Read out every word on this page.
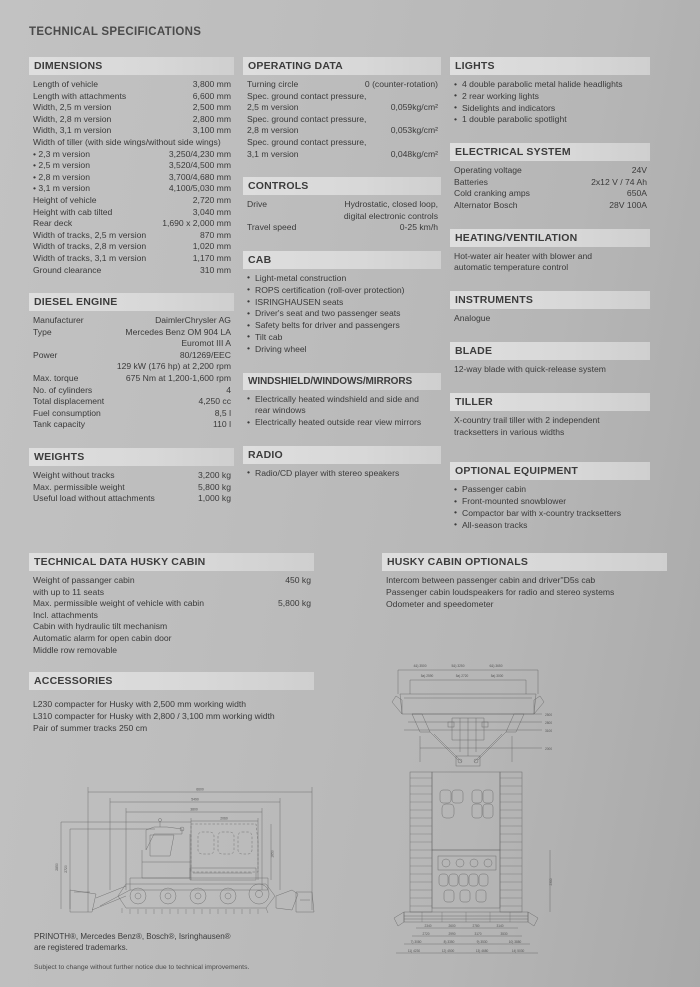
TECHNICAL SPECIFICATIONS
DIMENSIONS
Length of vehicle	3,800 mm
Length with attachments	6,600 mm
Width, 2,5 m version	2,500 mm
Width, 2,8 m version	2,800 mm
Width, 3,1 m version	3,100 mm
Width of tiller (with side wings/without side wings)
• 2,3 m version	3,250/4,230 mm
• 2,5 m version	3,520/4,500 mm
• 2,8 m version	3,700/4,680 mm
• 3,1 m version	4,100/5,030 mm
Height of vehicle	2,720 mm
Height with cab tilted	3,040 mm
Rear deck	1,690 x 2,000 mm
Width of tracks, 2,5 m version	870 mm
Width of tracks, 2,8 m version	1,020 mm
Width of tracks, 3,1 m version	1,170 mm
Ground clearance	310 mm
DIESEL ENGINE
Manufacturer	DaimlerChrysler AG
Type	Mercedes Benz OM 904 LA
Euromot III A
Power	80/1269/EEC
129 kW (176 hp) at 2,200 rpm
Max. torque	675 Nm at 1,200-1,600 rpm
No. of cylinders	4
Total displacement	4,250 cc
Fuel consumption	8,5 l
Tank capacity	110 l
WEIGHTS
Weight without tracks	3,200 kg
Max. permissible weight	5,800 kg
Useful load without attachments	1,000 kg
OPERATING DATA
Turning circle	0 (counter-rotation)
Spec. ground contact pressure,
2,5 m version	0,059kg/cm²
Spec. ground contact pressure,
2,8 m version	0,053kg/cm²
Spec. ground contact pressure,
3,1 m version	0,048kg/cm²
CONTROLS
Drive	Hydrostatic, closed loop,
digital electronic controls
Travel speed	0-25 km/h
CAB
• Light-metal construction
• ROPS certification (roll-over protection)
• ISRINGHAUSEN seats
• Driver's seat and two passenger seats
• Safety belts for driver and passengers
• Tilt cab
• Driving wheel
WINDSHIELD/WINDOWS/MIRRORS
• Electrically heated windshield and side and
rear windows
• Electrically heated outside rear view mirrors
RADIO
• Radio/CD player with stereo speakers
LIGHTS
• 4 double parabolic metal halide headlights
• 2 rear working lights
• Sidelights and indicators
• 1 double parabolic spotlight
ELECTRICAL SYSTEM
Operating voltage	24V
Batteries	2x12 V / 74 Ah
Cold cranking amps	650A
Alternator Bosch	28V 100A
HEATING/VENTILATION
Hot-water air heater with blower and
automatic temperature control
INSTRUMENTS
Analogue
BLADE
12-way blade with quick-release system
TILLER
X-country trail tiller with 2 independent
tracksetters in various widths
OPTIONAL EQUIPMENT
• Passenger cabin
• Front-mounted snowblower
• Compactor bar with x-country tracksetters
• All-season tracks
TECHNICAL DATA HUSKY CABIN
Weight of passanger cabin	450 kg
with up to 11 seats
Max. permissible weight of vehicle with cabin	5,800 kg
Incl. attachments
Cabin with hydraulic tilt mechanism
Automatic alarm for open cabin door
Middle row removable
HUSKY CABIN OPTIONALS
Intercom between passenger cabin and driver''D5s cab
Passenger cabin loudspeakers for radio and stereo systems
Odometer and speedometer
ACCESSORIES
L230 compacter for Husky with 2,500 mm working width
L310 compacter for Husky with 2,800 / 3,100 mm working width
Pair of summer tracks 250 cm
6600
5490
3800
2060
1650
2850 2720
4&) 3500	5&) 3250	6&) 3650
5a) 2590	5a) 2720	5a) 3000
2500
2800
3100
2000
2300
2340	2600	2780	3140
2720	2990	3170	3530
7) 3080	8) 3350	9) 3530	10) 3880
11) 4230	12) 4500	13) 4680	14) 5030
PRINOTH®, Mercedes Benz®, Bosch®, Isringhausen®
are registered trademarks.
Subject to change without further notice due to technical improvements.
